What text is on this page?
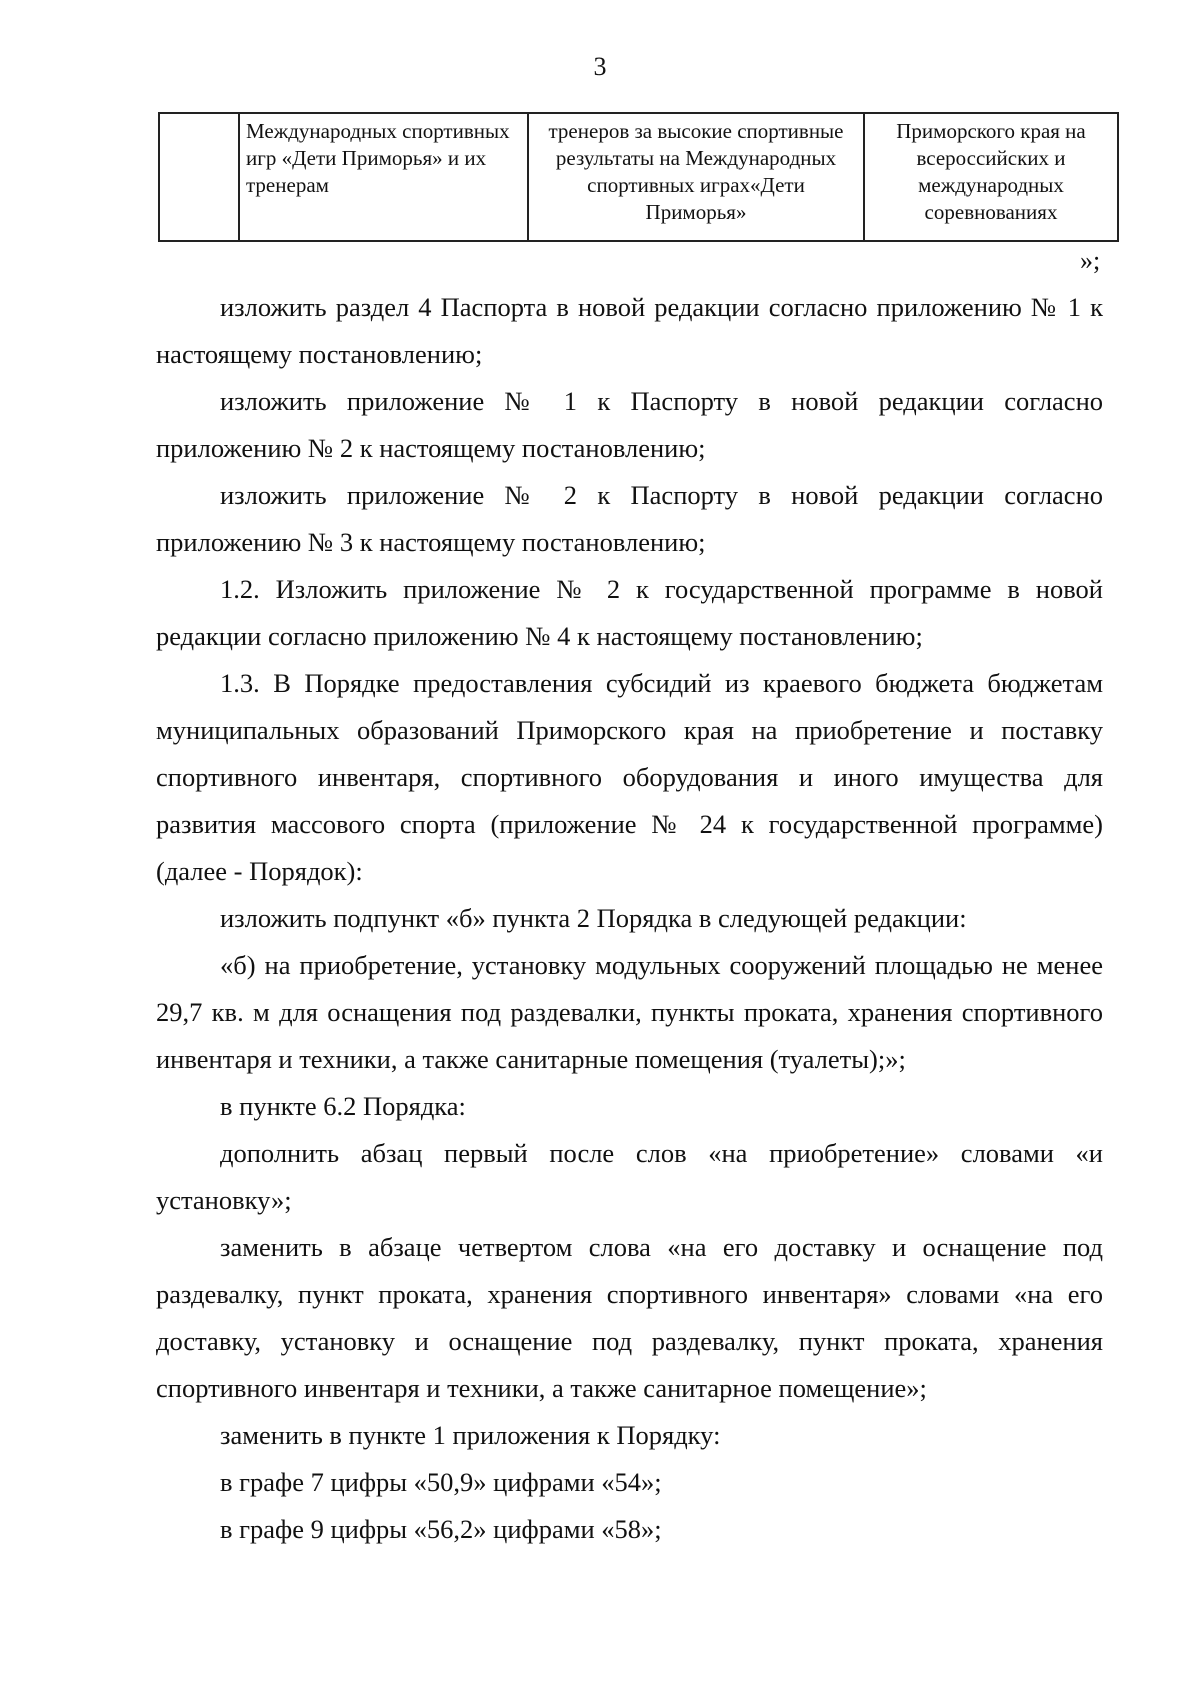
3
	Международных спортивных игр «Дети Приморья» и их тренерам	тренеров за высокие спортивные результаты на Международных спортивных играх«Дети Приморья»	Приморского края на всероссийских и международных соревнованиях
»;

изложить раздел 4 Паспорта в новой редакции согласно приложению № 1 к настоящему постановлению;

изложить приложение № 1 к Паспорту в новой редакции согласно приложению № 2 к настоящему постановлению;

изложить приложение № 2 к Паспорту в новой редакции согласно приложению № 3 к настоящему постановлению;

1.2. Изложить приложение № 2 к государственной программе в новой редакции согласно приложению № 4 к настоящему постановлению;

1.3. В Порядке предоставления субсидий из краевого бюджета бюджетам муниципальных образований Приморского края на приобретение и поставку спортивного инвентаря, спортивного оборудования и иного имущества для развития массового спорта (приложение № 24 к государственной программе) (далее - Порядок):

изложить подпункт «б» пункта 2 Порядка в следующей редакции:

«б) на приобретение, установку модульных сооружений площадью не менее 29,7 кв. м для оснащения под раздевалки, пункты проката, хранения спортивного инвентаря и техники, а также санитарные помещения (туалеты);»;

в пункте 6.2 Порядка:

дополнить абзац первый после слов «на приобретение» словами «и установку»;

заменить в абзаце четвертом слова «на его доставку и оснащение под раздевалку, пункт проката, хранения спортивного инвентаря» словами «на его доставку, установку и оснащение под раздевалку, пункт проката, хранения спортивного инвентаря и техники, а также санитарное помещение»;

заменить в пункте 1 приложения к Порядку:

в графе 7 цифры «50,9» цифрами «54»;

в графе 9 цифры «56,2» цифрами «58»;
